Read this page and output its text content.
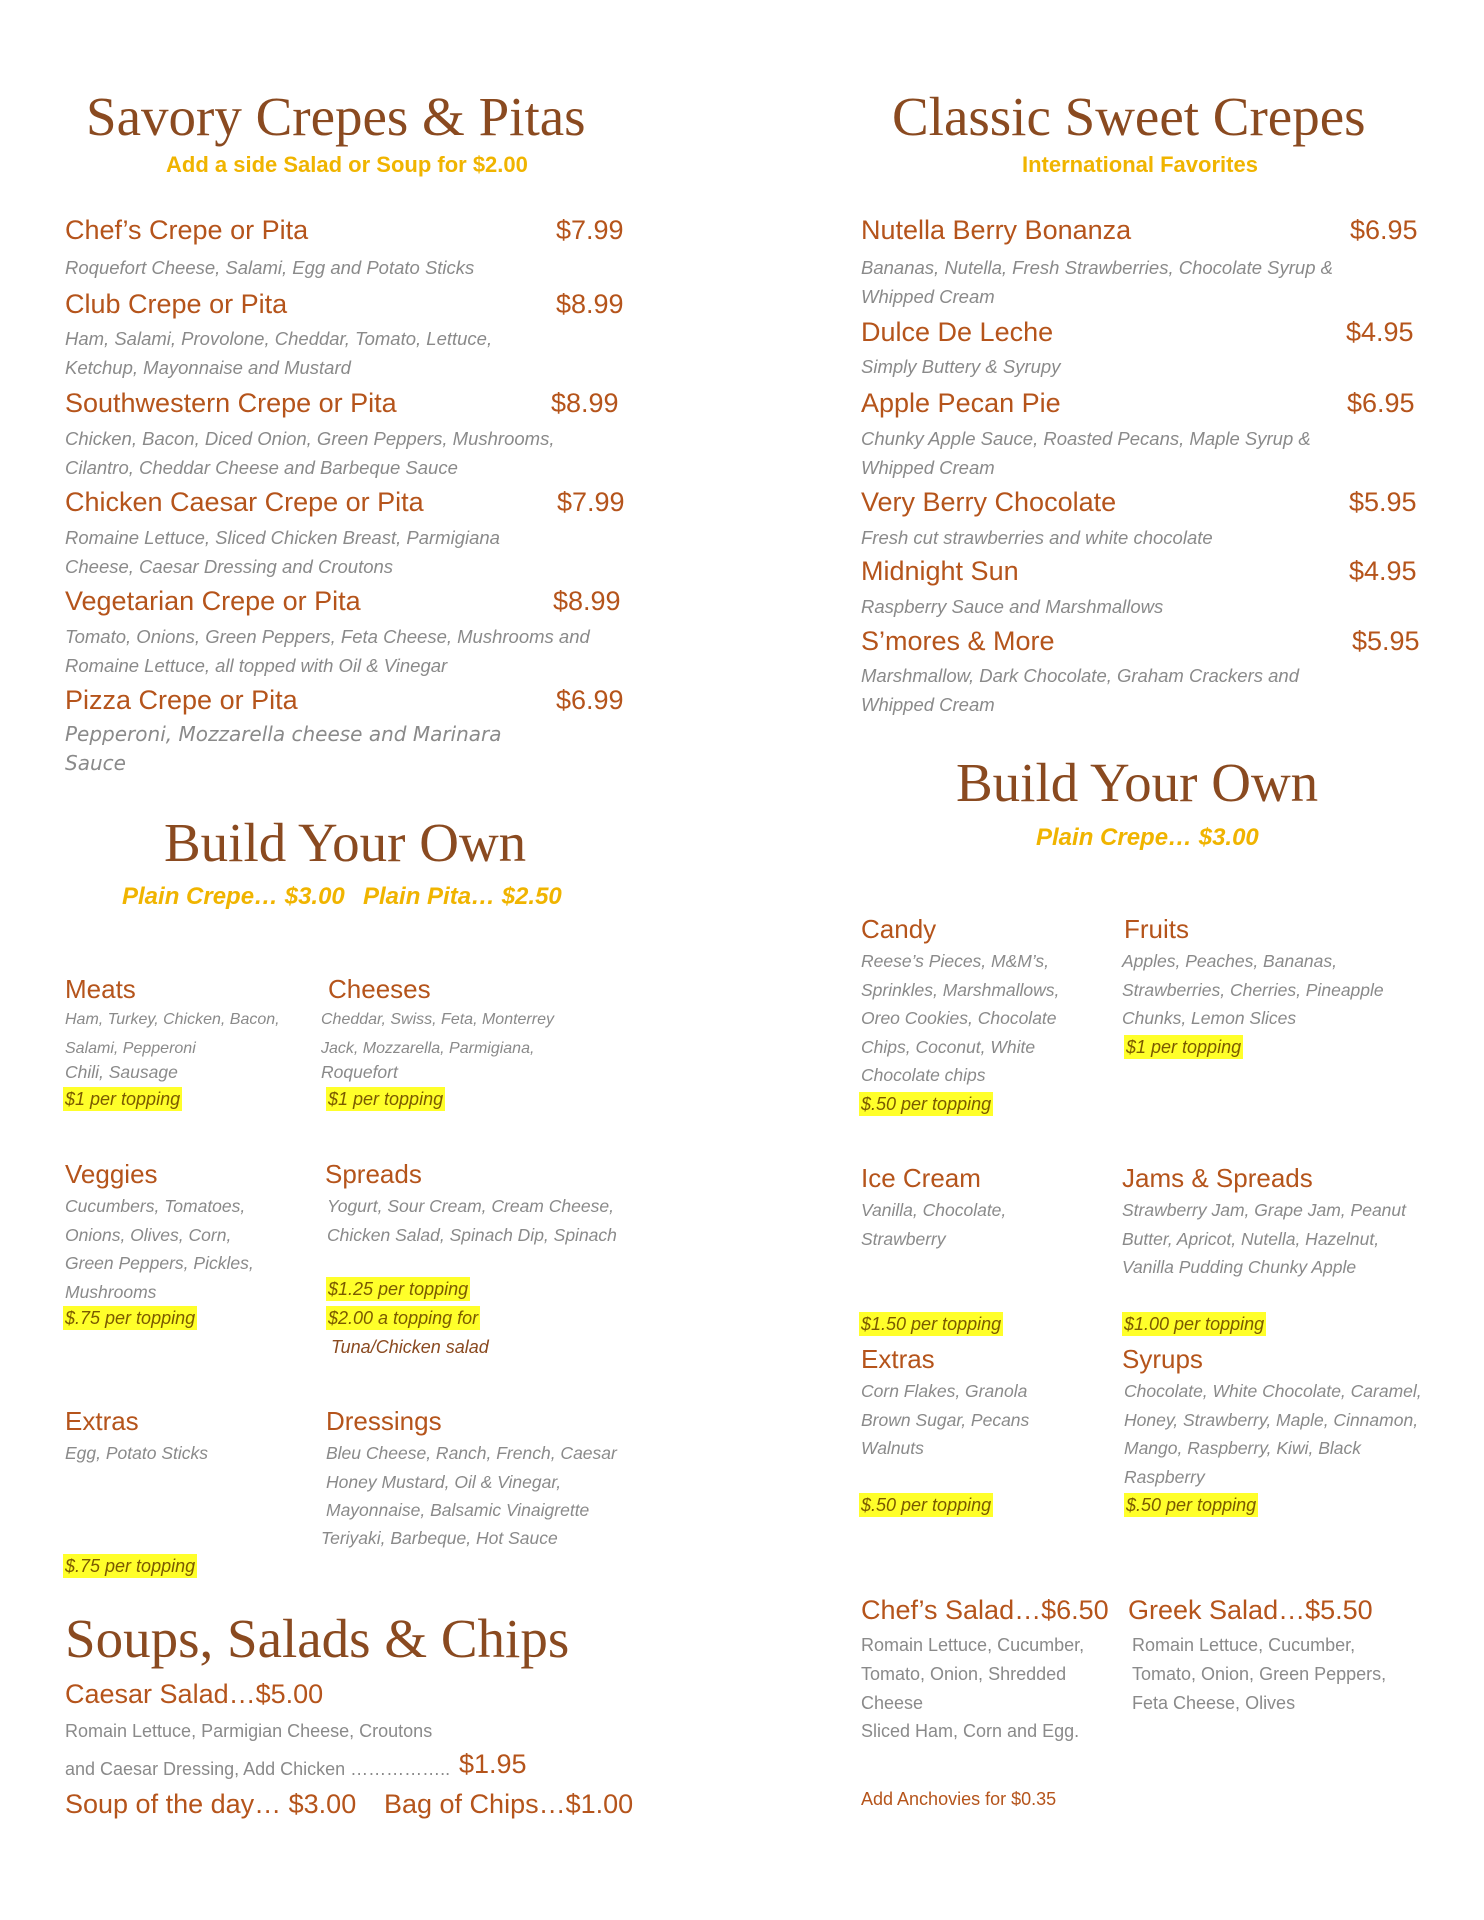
Savory Crepes & Pitas
Add a side Salad or Soup for $2.00
Chef’s Crepe or Pita	$7.99
Roquefort Cheese, Salami, Egg and Potato Sticks
Club Crepe or Pita	$8.99
Ham, Salami, Provolone, Cheddar, Tomato, Lettuce, Ketchup, Mayonnaise and Mustard
Southwestern Crepe or Pita	$8.99
Chicken, Bacon, Diced Onion, Green Peppers, Mushrooms, Cilantro, Cheddar Cheese and Barbeque Sauce
Chicken Caesar Crepe or Pita	$7.99
Romaine Lettuce, Sliced Chicken Breast, Parmigiana Cheese, Caesar Dressing and Croutons
Vegetarian Crepe or Pita	$8.99
Tomato, Onions, Green Peppers, Feta Cheese, Mushrooms and Romaine Lettuce, all topped with Oil & Vinegar
Pizza Crepe or Pita	$6.99
Pepperoni, Mozzarella cheese and Marinara Sauce
Build Your Own
Plain Crepe… $3.00 Plain Pita… $2.50
Meats
Ham, Turkey, Chicken, Bacon, Salami, Pepperoni
Chili, Sausage
$1 per topping
Cheeses
Cheddar, Swiss, Feta, Monterrey Jack, Mozzarella, Parmigiana,
Roquefort
$1 per topping
Veggies
Cucumbers, Tomatoes, Onions, Olives, Corn, Green Peppers, Pickles, Mushrooms
$.75 per topping
Spreads
Yogurt, Sour Cream, Cream Cheese, Chicken Salad, Spinach Dip, Spinach
$1.25 per topping
$2.00 a topping for
Tuna/Chicken salad
Extras
Egg, Potato Sticks
$.75 per topping
Dressings
Bleu Cheese, Ranch, French, Caesar Honey Mustard, Oil & Vinegar, Mayonnaise, Balsamic Vinaigrette
Teriyaki, Barbeque, Hot Sauce
Soups, Salads & Chips
Caesar Salad…$5.00
Romain Lettuce, Parmigian Cheese, Croutons
and Caesar Dressing, Add Chicken …………….. $1.95
Soup of the day… $3.00 Bag of Chips…$1.00
Classic Sweet Crepes
International Favorites
Nutella Berry Bonanza	$6.95
Bananas, Nutella, Fresh Strawberries, Chocolate Syrup & Whipped Cream
Dulce De Leche	$4.95
Simply Buttery & Syrupy
Apple Pecan Pie	$6.95
Chunky Apple Sauce, Roasted Pecans, Maple Syrup & Whipped Cream
Very Berry Chocolate	$5.95
Fresh cut strawberries and white chocolate
Midnight Sun	$4.95
Raspberry Sauce and Marshmallows
S’mores & More	$5.95
Marshmallow, Dark Chocolate, Graham Crackers and Whipped Cream
Build Your Own
Plain Crepe… $3.00
Candy
Reese’s Pieces, M&M’s, Sprinkles, Marshmallows, Oreo Cookies, Chocolate Chips, Coconut, White Chocolate chips
$.50 per topping
Fruits
Apples, Peaches, Bananas, Strawberries, Cherries, Pineapple Chunks, Lemon Slices
$1 per topping
Ice Cream
Vanilla, Chocolate, Strawberry
$1.50 per topping
Jams & Spreads
Strawberry Jam, Grape Jam, Peanut Butter, Apricot, Nutella, Hazelnut, Vanilla Pudding Chunky Apple
$1.00 per topping
Extras
Corn Flakes, Granola Brown Sugar, Pecans Walnuts
$.50 per topping
Syrups
Chocolate, White Chocolate, Caramel, Honey, Strawberry, Maple, Cinnamon, Mango, Raspberry, Kiwi, Black Raspberry
$.50 per topping
Chef’s Salad…$6.50
Romain Lettuce, Cucumber, Tomato, Onion, Shredded Cheese
Sliced Ham, Corn and Egg.
Greek Salad…$5.50
Romain Lettuce, Cucumber, Tomato, Onion, Green Peppers, Feta Cheese, Olives
Add Anchovies for $0.35
